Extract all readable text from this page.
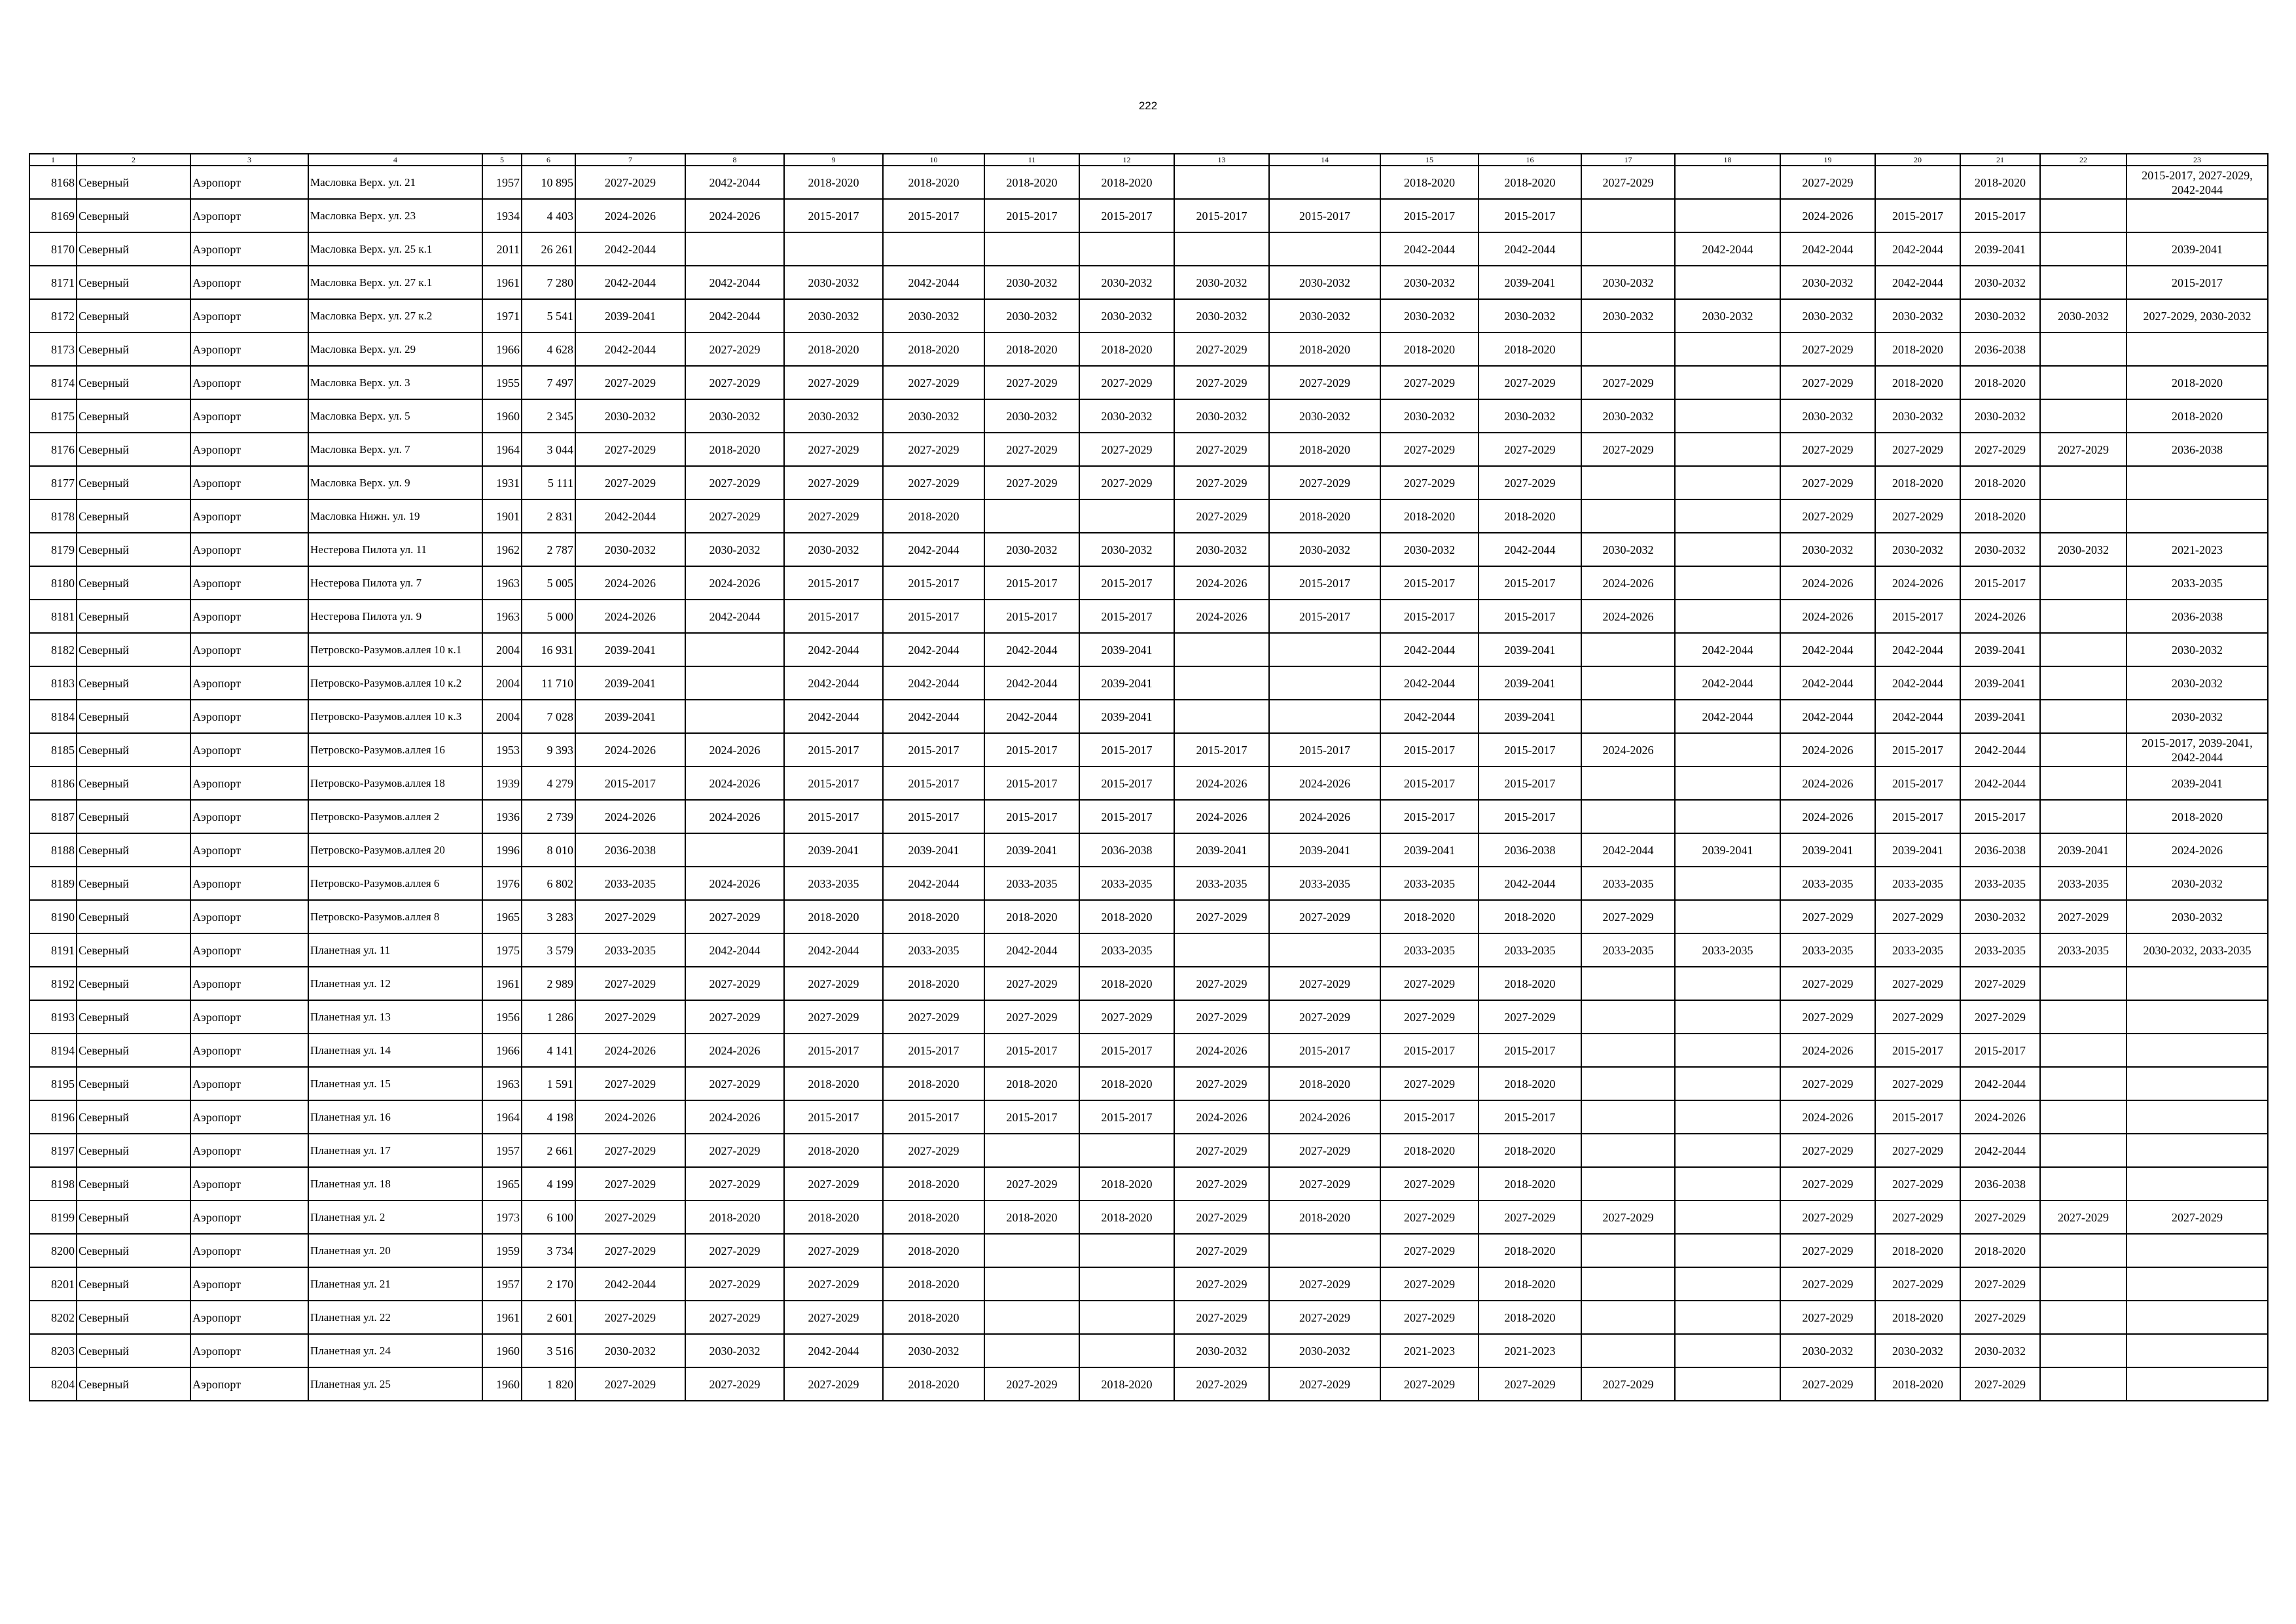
222
1	2	3	4	5	6	7	8	9	10	11	12	13	14	15	16	17	18	19	20	21	22	23
8168	Северный	Аэропорт	Масловка Верх. ул. 21	1957	10 895	2027-2029	2042-2044	2018-2020	2018-2020	2018-2020	2018-2020			2018-2020	2018-2020	2027-2029		2027-2029		2018-2020		2015-2017, 2027-2029, 2042-2044
8169	Северный	Аэропорт	Масловка Верх. ул. 23	1934	4 403	2024-2026	2024-2026	2015-2017	2015-2017	2015-2017	2015-2017	2015-2017	2015-2017	2015-2017	2015-2017			2024-2026	2015-2017	2015-2017		
8170	Северный	Аэропорт	Масловка Верх. ул. 25 к.1	2011	26 261	2042-2044								2042-2044	2042-2044		2042-2044	2042-2044	2042-2044	2039-2041		2039-2041
8171	Северный	Аэропорт	Масловка Верх. ул. 27 к.1	1961	7 280	2042-2044	2042-2044	2030-2032	2042-2044	2030-2032	2030-2032	2030-2032	2030-2032	2030-2032	2039-2041	2030-2032		2030-2032	2042-2044	2030-2032		2015-2017
8172	Северный	Аэропорт	Масловка Верх. ул. 27 к.2	1971	5 541	2039-2041	2042-2044	2030-2032	2030-2032	2030-2032	2030-2032	2030-2032	2030-2032	2030-2032	2030-2032	2030-2032	2030-2032	2030-2032	2030-2032	2030-2032	2030-2032	2027-2029, 2030-2032
8173	Северный	Аэропорт	Масловка Верх. ул. 29	1966	4 628	2042-2044	2027-2029	2018-2020	2018-2020	2018-2020	2018-2020	2027-2029	2018-2020	2018-2020	2018-2020			2027-2029	2018-2020	2036-2038		
8174	Северный	Аэропорт	Масловка Верх. ул. 3	1955	7 497	2027-2029	2027-2029	2027-2029	2027-2029	2027-2029	2027-2029	2027-2029	2027-2029	2027-2029	2027-2029	2027-2029		2027-2029	2018-2020	2018-2020		2018-2020
8175	Северный	Аэропорт	Масловка Верх. ул. 5	1960	2 345	2030-2032	2030-2032	2030-2032	2030-2032	2030-2032	2030-2032	2030-2032	2030-2032	2030-2032	2030-2032	2030-2032		2030-2032	2030-2032	2030-2032		2018-2020
8176	Северный	Аэропорт	Масловка Верх. ул. 7	1964	3 044	2027-2029	2018-2020	2027-2029	2027-2029	2027-2029	2027-2029	2027-2029	2018-2020	2027-2029	2027-2029	2027-2029		2027-2029	2027-2029	2027-2029	2027-2029	2036-2038
8177	Северный	Аэропорт	Масловка Верх. ул. 9	1931	5 111	2027-2029	2027-2029	2027-2029	2027-2029	2027-2029	2027-2029	2027-2029	2027-2029	2027-2029	2027-2029			2027-2029	2018-2020	2018-2020		
8178	Северный	Аэропорт	Масловка Нижн. ул. 19	1901	2 831	2042-2044	2027-2029	2027-2029	2018-2020			2027-2029	2018-2020	2018-2020	2018-2020			2027-2029	2027-2029	2018-2020		
8179	Северный	Аэропорт	Нестерова Пилота ул. 11	1962	2 787	2030-2032	2030-2032	2030-2032	2042-2044	2030-2032	2030-2032	2030-2032	2030-2032	2030-2032	2042-2044	2030-2032		2030-2032	2030-2032	2030-2032	2030-2032	2021-2023
8180	Северный	Аэропорт	Нестерова Пилота ул. 7	1963	5 005	2024-2026	2024-2026	2015-2017	2015-2017	2015-2017	2015-2017	2024-2026	2015-2017	2015-2017	2015-2017	2024-2026		2024-2026	2024-2026	2015-2017		2033-2035
8181	Северный	Аэропорт	Нестерова Пилота ул. 9	1963	5 000	2024-2026	2042-2044	2015-2017	2015-2017	2015-2017	2015-2017	2024-2026	2015-2017	2015-2017	2015-2017	2024-2026		2024-2026	2015-2017	2024-2026		2036-2038
8182	Северный	Аэропорт	Петровско-Разумов.аллея 10 к.1	2004	16 931	2039-2041		2042-2044	2042-2044	2042-2044	2039-2041			2042-2044	2039-2041		2042-2044	2042-2044	2042-2044	2039-2041		2030-2032
8183	Северный	Аэропорт	Петровско-Разумов.аллея 10 к.2	2004	11 710	2039-2041		2042-2044	2042-2044	2042-2044	2039-2041			2042-2044	2039-2041		2042-2044	2042-2044	2042-2044	2039-2041		2030-2032
8184	Северный	Аэропорт	Петровско-Разумов.аллея 10 к.3	2004	7 028	2039-2041		2042-2044	2042-2044	2042-2044	2039-2041			2042-2044	2039-2041		2042-2044	2042-2044	2042-2044	2039-2041		2030-2032
8185	Северный	Аэропорт	Петровско-Разумов.аллея 16	1953	9 393	2024-2026	2024-2026	2015-2017	2015-2017	2015-2017	2015-2017	2015-2017	2015-2017	2015-2017	2015-2017	2024-2026		2024-2026	2015-2017	2042-2044		2015-2017, 2039-2041, 2042-2044
8186	Северный	Аэропорт	Петровско-Разумов.аллея 18	1939	4 279	2015-2017	2024-2026	2015-2017	2015-2017	2015-2017	2015-2017	2024-2026	2024-2026	2015-2017	2015-2017			2024-2026	2015-2017	2042-2044		2039-2041
8187	Северный	Аэропорт	Петровско-Разумов.аллея 2	1936	2 739	2024-2026	2024-2026	2015-2017	2015-2017	2015-2017	2015-2017	2024-2026	2024-2026	2015-2017	2015-2017			2024-2026	2015-2017	2015-2017		2018-2020
8188	Северный	Аэропорт	Петровско-Разумов.аллея 20	1996	8 010	2036-2038		2039-2041	2039-2041	2039-2041	2036-2038	2039-2041	2039-2041	2039-2041	2036-2038	2042-2044	2039-2041	2039-2041	2039-2041	2036-2038	2039-2041	2024-2026
8189	Северный	Аэропорт	Петровско-Разумов.аллея 6	1976	6 802	2033-2035	2024-2026	2033-2035	2042-2044	2033-2035	2033-2035	2033-2035	2033-2035	2033-2035	2042-2044	2033-2035		2033-2035	2033-2035	2033-2035	2033-2035	2030-2032
8190	Северный	Аэропорт	Петровско-Разумов.аллея 8	1965	3 283	2027-2029	2027-2029	2018-2020	2018-2020	2018-2020	2018-2020	2027-2029	2027-2029	2018-2020	2018-2020	2027-2029		2027-2029	2027-2029	2030-2032	2027-2029	2030-2032
8191	Северный	Аэропорт	Планетная ул. 11	1975	3 579	2033-2035	2042-2044	2042-2044	2033-2035	2042-2044	2033-2035			2033-2035	2033-2035	2033-2035	2033-2035	2033-2035	2033-2035	2033-2035	2033-2035	2030-2032, 2033-2035
8192	Северный	Аэропорт	Планетная ул. 12	1961	2 989	2027-2029	2027-2029	2027-2029	2018-2020	2027-2029	2018-2020	2027-2029	2027-2029	2027-2029	2018-2020			2027-2029	2027-2029	2027-2029		
8193	Северный	Аэропорт	Планетная ул. 13	1956	1 286	2027-2029	2027-2029	2027-2029	2027-2029	2027-2029	2027-2029	2027-2029	2027-2029	2027-2029	2027-2029			2027-2029	2027-2029	2027-2029		
8194	Северный	Аэропорт	Планетная ул. 14	1966	4 141	2024-2026	2024-2026	2015-2017	2015-2017	2015-2017	2015-2017	2024-2026	2015-2017	2015-2017	2015-2017			2024-2026	2015-2017	2015-2017		
8195	Северный	Аэропорт	Планетная ул. 15	1963	1 591	2027-2029	2027-2029	2018-2020	2018-2020	2018-2020	2018-2020	2027-2029	2018-2020	2027-2029	2018-2020			2027-2029	2027-2029	2042-2044		
8196	Северный	Аэропорт	Планетная ул. 16	1964	4 198	2024-2026	2024-2026	2015-2017	2015-2017	2015-2017	2015-2017	2024-2026	2024-2026	2015-2017	2015-2017			2024-2026	2015-2017	2024-2026		
8197	Северный	Аэропорт	Планетная ул. 17	1957	2 661	2027-2029	2027-2029	2018-2020	2027-2029			2027-2029	2027-2029	2018-2020	2018-2020			2027-2029	2027-2029	2042-2044		
8198	Северный	Аэропорт	Планетная ул. 18	1965	4 199	2027-2029	2027-2029	2027-2029	2018-2020	2027-2029	2018-2020	2027-2029	2027-2029	2027-2029	2018-2020			2027-2029	2027-2029	2036-2038		
8199	Северный	Аэропорт	Планетная ул. 2	1973	6 100	2027-2029	2018-2020	2018-2020	2018-2020	2018-2020	2018-2020	2027-2029	2018-2020	2027-2029	2027-2029	2027-2029		2027-2029	2027-2029	2027-2029	2027-2029	2027-2029
8200	Северный	Аэропорт	Планетная ул. 20	1959	3 734	2027-2029	2027-2029	2027-2029	2018-2020			2027-2029		2027-2029	2018-2020			2027-2029	2018-2020	2018-2020		
8201	Северный	Аэропорт	Планетная ул. 21	1957	2 170	2042-2044	2027-2029	2027-2029	2018-2020			2027-2029	2027-2029	2027-2029	2018-2020			2027-2029	2027-2029	2027-2029		
8202	Северный	Аэропорт	Планетная ул. 22	1961	2 601	2027-2029	2027-2029	2027-2029	2018-2020			2027-2029	2027-2029	2027-2029	2018-2020			2027-2029	2018-2020	2027-2029		
8203	Северный	Аэропорт	Планетная ул. 24	1960	3 516	2030-2032	2030-2032	2042-2044	2030-2032			2030-2032	2030-2032	2021-2023	2021-2023			2030-2032	2030-2032	2030-2032		
8204	Северный	Аэропорт	Планетная ул. 25	1960	1 820	2027-2029	2027-2029	2027-2029	2018-2020	2027-2029	2018-2020	2027-2029	2027-2029	2027-2029	2027-2029	2027-2029		2027-2029	2018-2020	2027-2029		
